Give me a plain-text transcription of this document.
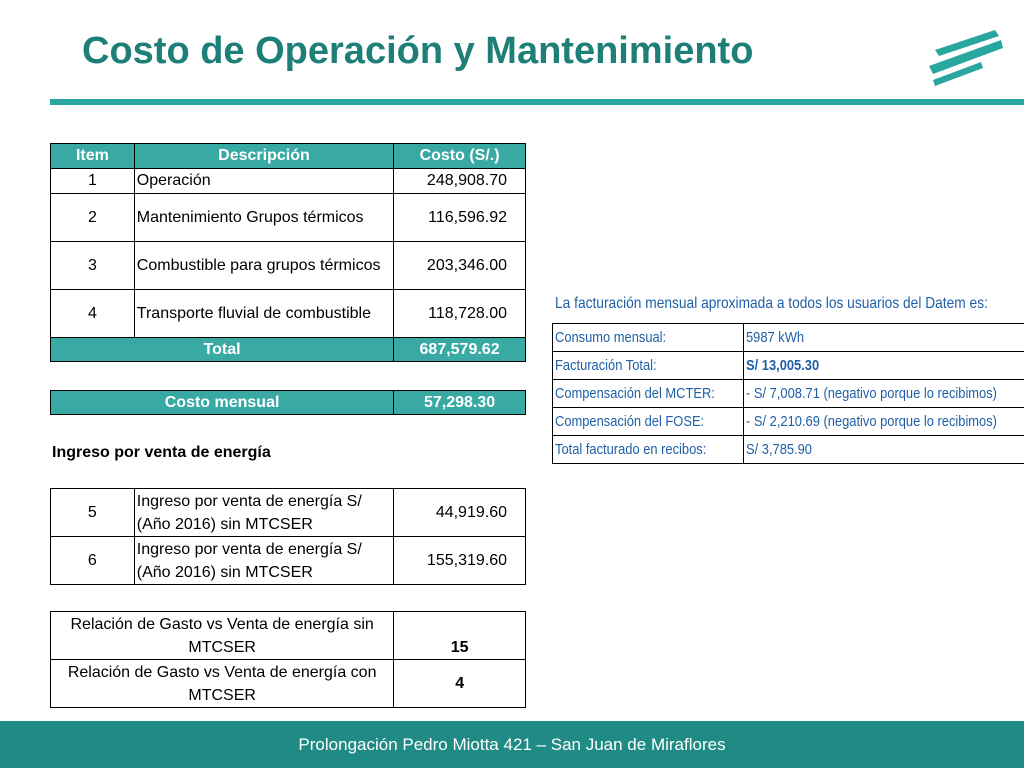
Costo de Operación y Mantenimiento
Item	Descripción	Costo (S/.)
1	Operación	248,908.70
2	Mantenimiento Grupos térmicos	116,596.92
3	Combustible para grupos térmicos	203,346.00
4	Transporte fluvial de combustible	118,728.00
Total		687,579.62
Costo mensual	57,298.30
Ingreso por venta de energía
5	Ingreso por venta de energía S/ (Año 2016) sin MTCSER	44,919.60
6	Ingreso por venta de energía S/ (Año 2016) sin MTCSER	155,319.60
Relación de Gasto vs Venta de energía sin MTCSER	15
Relación de Gasto vs Venta de energía con MTCSER	4
La facturación mensual aproximada a todos los usuarios del Datem es:
Consumo mensual:	5987 kWh
Facturación Total:	S/ 13,005.30
Compensación del MCTER:	- S/ 7,008.71 (negativo porque lo recibimos)
Compensación del FOSE:	- S/ 2,210.69 (negativo porque lo recibimos)
Total facturado en recibos:	S/ 3,785.90
Prolongación Pedro Miotta 421 – San Juan de Miraflores
